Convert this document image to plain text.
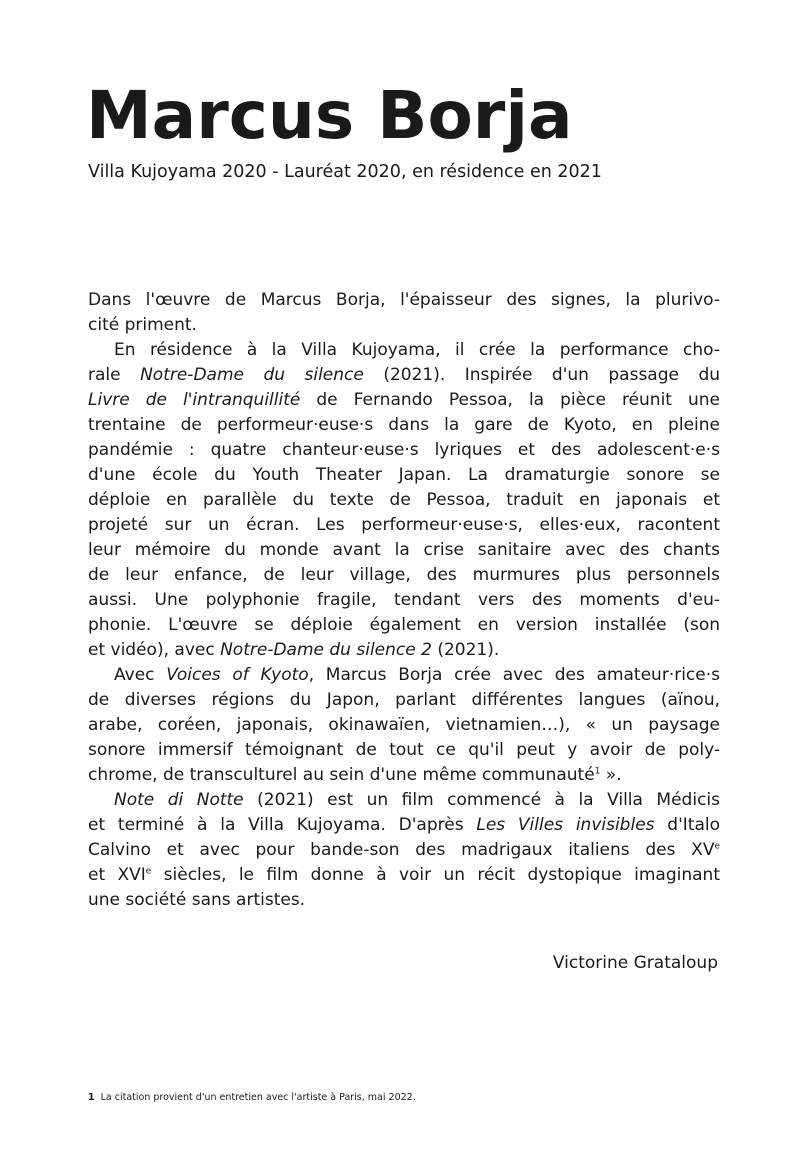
Marcus Borja

Villa Kujoyama 2020 - Lauréat 2020, en résidence en 2021

Dans l'œuvre de Marcus Borja, l'épaisseur des signes, la plurivo-
cité priment.

En résidence à la Villa Kujoyama, il crée la performance cho-
rale Notre-Dame du silence (2021). Inspirée d'un passage du
Livre de l'intranquillité de Fernando Pessoa, la pièce réunit une
trentaine de performeur·euse·s dans la gare de Kyoto, en pleine
pandémie : quatre chanteur·euse·s lyriques et des adolescent·e·s
d'une école du Youth Theater Japan. La dramaturgie sonore se
déploie en parallèle du texte de Pessoa, traduit en japonais et
projeté sur un écran. Les performeur·euse·s, elles·eux, racontent
leur mémoire du monde avant la crise sanitaire avec des chants
de leur enfance, de leur village, des murmures plus personnels
aussi. Une polyphonie fragile, tendant vers des moments d'eu-
phonie. L'œuvre se déploie également en version installée (son
et vidéo), avec Notre-Dame du silence 2 (2021).

Avec Voices of Kyoto, Marcus Borja crée avec des amateur·rice·s
de diverses régions du Japon, parlant différentes langues (aïnou,
arabe, coréen, japonais, okinawaïen, vietnamien…), « un paysage
sonore immersif témoignant de tout ce qu'il peut y avoir de poly-
chrome, de transculturel au sein d'une même communauté$^1$ ».

Note di Notte (2021) est un film commencé à la Villa Médicis
et terminé à la Villa Kujoyama. D'après Les Villes invisibles d'Italo
Calvino et avec pour bande-son des madrigaux italiens des XVe
et XVIe siècles, le film donne à voir un récit dystopique imaginant
une société sans artistes.

Victorine Grataloup

1 La citation provient d'un entretien avec l'artiste à Paris, mai 2022.
